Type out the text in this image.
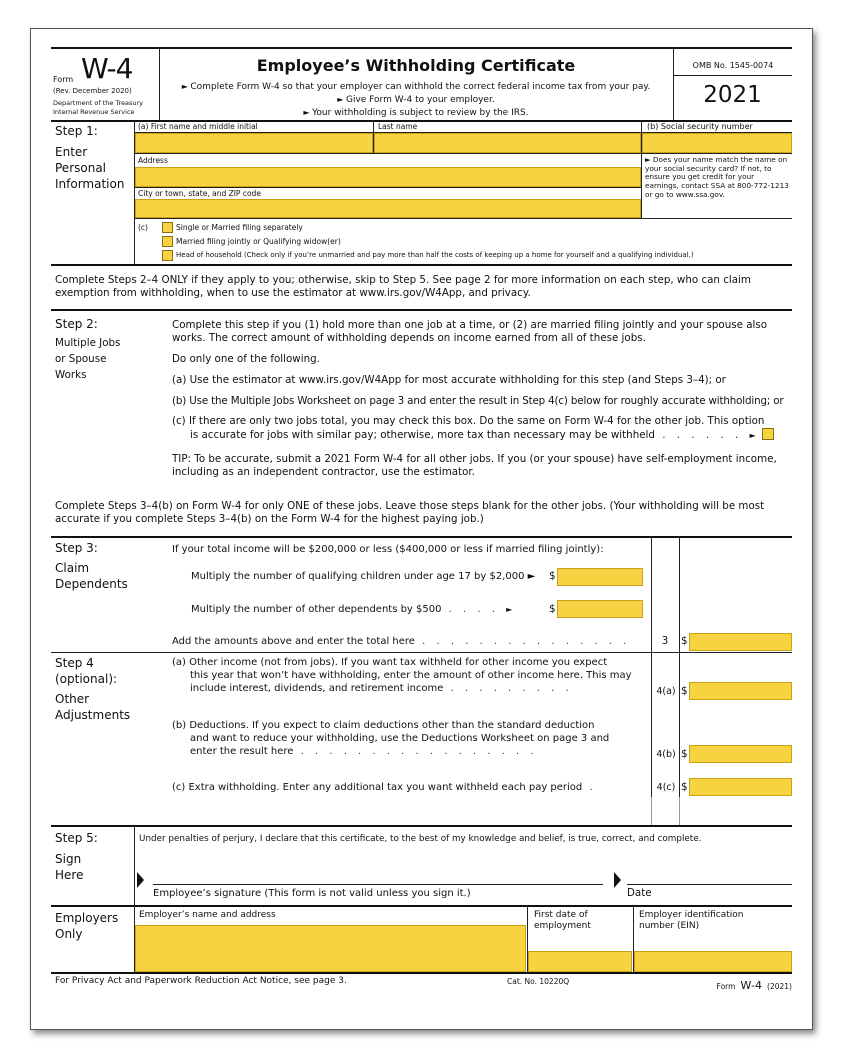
Form W-4
(Rev. December 2020)
Department of the Treasury
Internal Revenue Service
Employee’s Withholding Certificate
► Complete Form W-4 so that your employer can withhold the correct federal income tax from your pay.
► Give Form W-4 to your employer.
► Your withholding is subject to review by the IRS.
OMB No. 1545-0074
2021
Step 1:
Enter
Personal
Information
(a) First name and middle initial	Last name	(b) Social security number
Address
City or town, state, and ZIP code
► Does your name match the name on your social security card? If not, to ensure you get credit for your earnings, contact SSA at 800-772-1213 or go to www.ssa.gov.
(c)	Single or Married filing separately
Married filing jointly or Qualifying widow(er)
Head of household (Check only if you’re unmarried and pay more than half the costs of keeping up a home for yourself and a qualifying individual.)
Complete Steps 2–4 ONLY if they apply to you; otherwise, skip to Step 5. See page 2 for more information on each step, who can claim exemption from withholding, when to use the estimator at www.irs.gov/W4App, and privacy.
Step 2:
Multiple Jobs
or Spouse
Works
Complete this step if you (1) hold more than one job at a time, or (2) are married filing jointly and your spouse also works. The correct amount of withholding depends on income earned from all of these jobs.
Do only one of the following.
(a) Use the estimator at www.irs.gov/W4App for most accurate withholding for this step (and Steps 3–4); or
(b) Use the Multiple Jobs Worksheet on page 3 and enter the result in Step 4(c) below for roughly accurate withholding; or
(c) If there are only two jobs total, you may check this box. Do the same on Form W-4 for the other job. This option
is accurate for jobs with similar pay; otherwise, more tax than necessary may be withheld . . . . . . ►
TIP: To be accurate, submit a 2021 Form W-4 for all other jobs. If you (or your spouse) have self-employment income, including as an independent contractor, use the estimator.
Complete Steps 3–4(b) on Form W-4 for only ONE of these jobs. Leave those steps blank for the other jobs. (Your withholding will be most accurate if you complete Steps 3–4(b) on the Form W-4 for the highest paying job.)
Step 3:
Claim
Dependents
If your total income will be $200,000 or less ($400,000 or less if married filing jointly):
Multiply the number of qualifying children under age 17 by $2,000 ► $
Multiply the number of other dependents by $500 . . . . ►	$
Add the amounts above and enter the total here . . . . . . . . . . . . . . .	3	$
Step 4
(optional):
Other
Adjustments
(a) Other income (not from jobs). If you want tax withheld for other income you expect
this year that won’t have withholding, enter the amount of other income here. This may
include interest, dividends, and retirement income . . . . . . . . .	4(a) $
(b) Deductions. If you expect to claim deductions other than the standard deduction
and want to reduce your withholding, use the Deductions Worksheet on page 3 and
enter the result here . . . . . . . . . . . . . . . . .	4(b) $
(c) Extra withholding. Enter any additional tax you want withheld each pay period .	4(c) $
Step 5:
Sign
Here
Under penalties of perjury, I declare that this certificate, to the best of my knowledge and belief, is true, correct, and complete.
Employee’s signature (This form is not valid unless you sign it.)	Date
Employers
Only
Employer’s name and address	First date of
employment
Employer identification
number (EIN)
For Privacy Act and Paperwork Reduction Act Notice, see page 3.	Cat. No. 10220Q
Form W-4 (2021)
